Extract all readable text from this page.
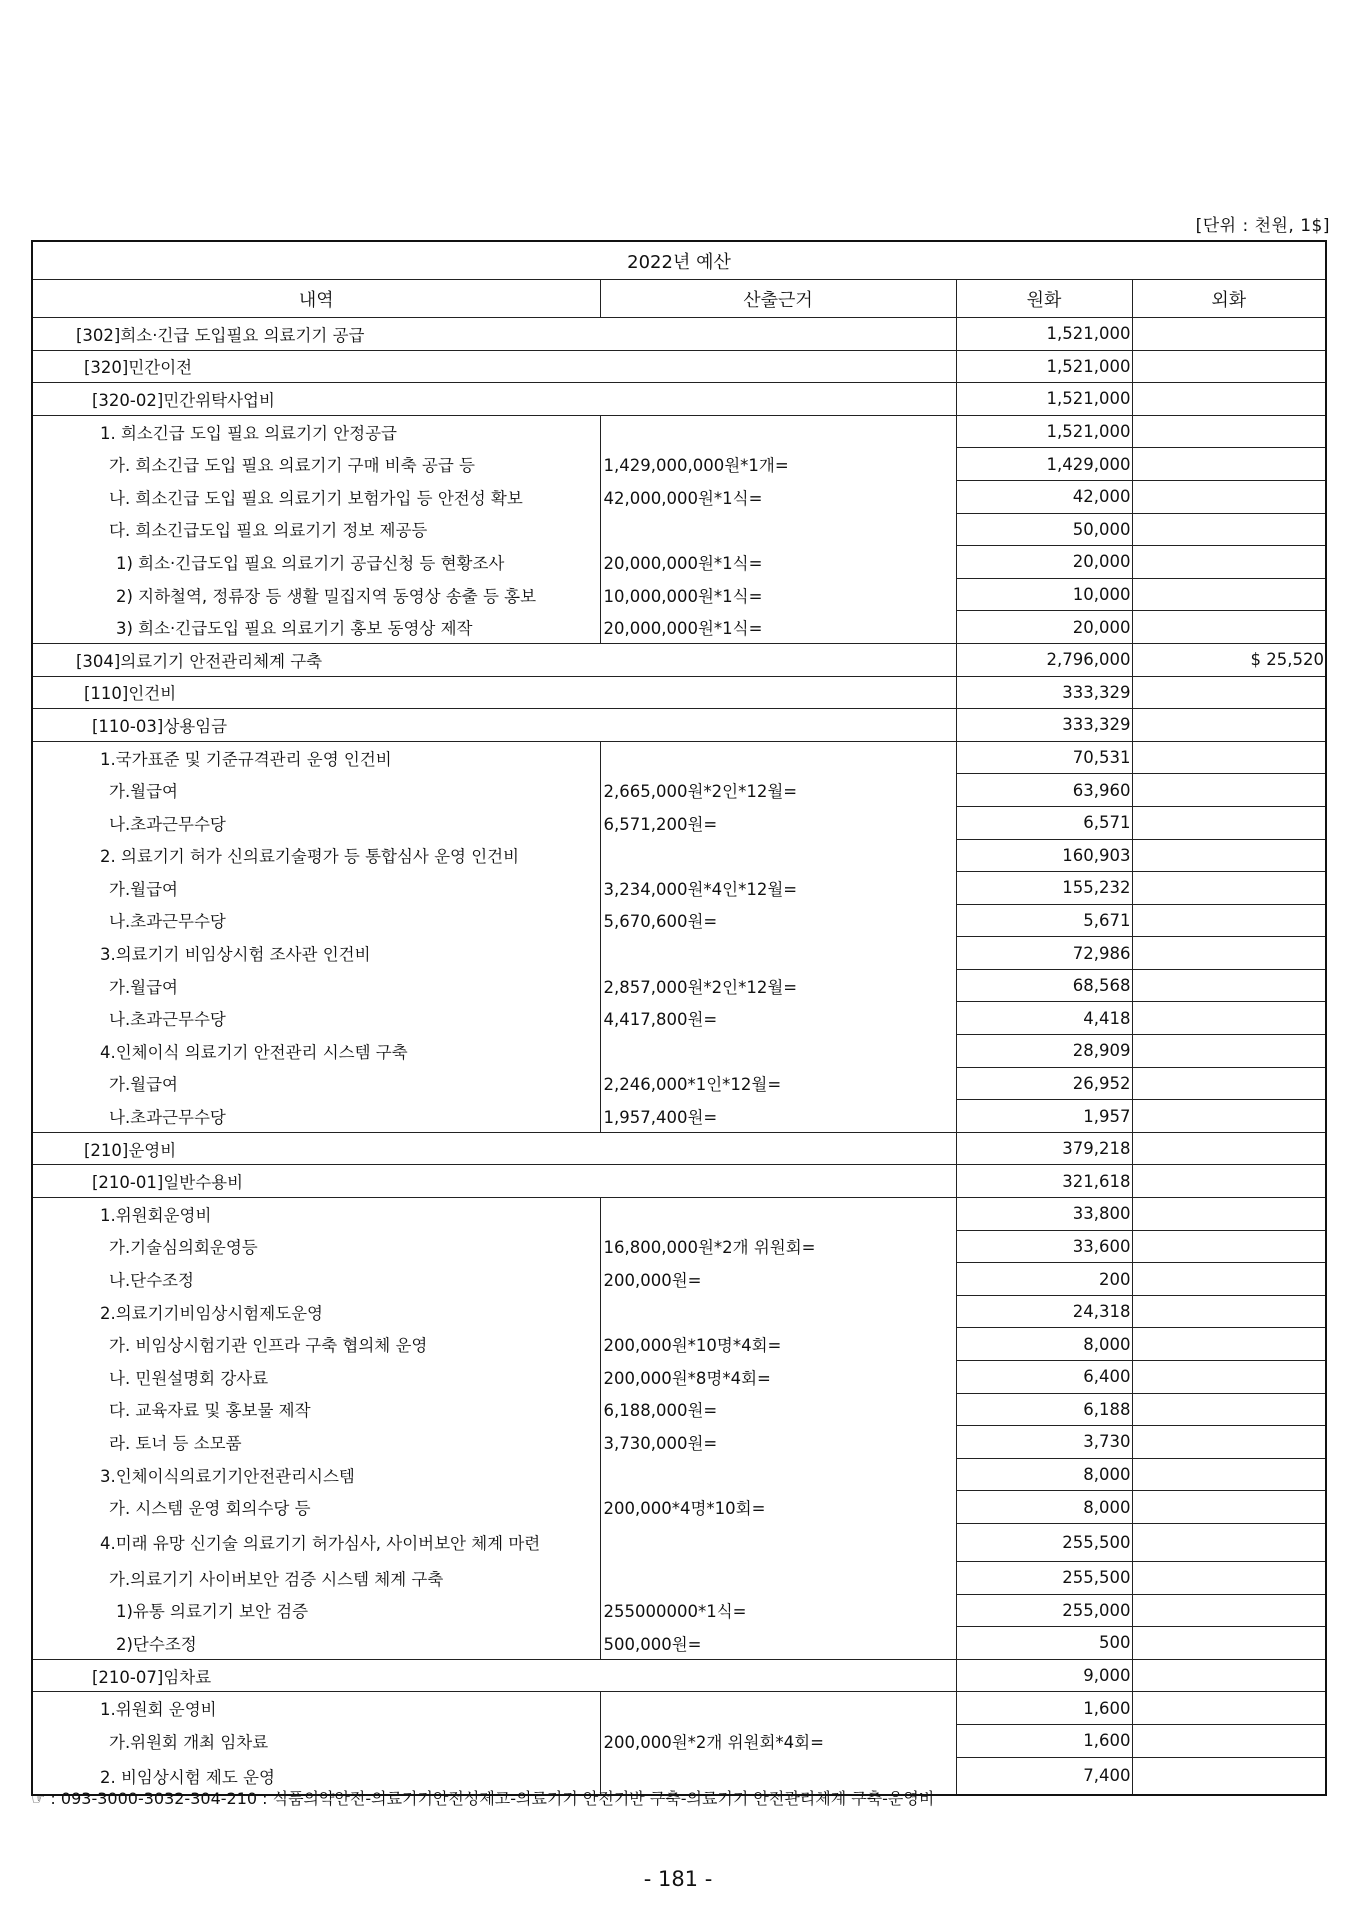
[단위 : 천원, 1$]
2022년 예산			
내역	산출근거	원화	외화
[302]희소·긴급 도입필요 의료기기 공급		1,521,000	
[320]민간이전		1,521,000	
[320-02]민간위탁사업비		1,521,000	
1. 희소긴급 도입 필요 의료기기 안정공급		1,521,000	
가. 희소긴급 도입 필요 의료기기 구매 비축 공급 등	1,429,000,000원*1개=	1,429,000	
나. 희소긴급 도입 필요 의료기기 보험가입 등 안전성 확보	42,000,000원*1식=	42,000	
다. 희소긴급도입 필요 의료기기 정보 제공등		50,000	
1) 희소·긴급도입 필요 의료기기 공급신청 등 현황조사	20,000,000원*1식=	20,000	
2) 지하철역, 정류장 등 생활 밀집지역 동영상 송출 등 홍보	10,000,000원*1식=	10,000	
3) 희소·긴급도입 필요 의료기기 홍보 동영상 제작	20,000,000원*1식=	20,000	
[304]의료기기 안전관리체계 구축		2,796,000	$ 25,520
[110]인건비		333,329	
[110-03]상용임금		333,329	
1.국가표준 및 기준규격관리 운영 인건비		70,531	
가.월급여	2,665,000원*2인*12월=	63,960	
나.초과근무수당	6,571,200원=	6,571	
2. 의료기기 허가 신의료기술평가 등 통합심사 운영 인건비		160,903	
가.월급여	3,234,000원*4인*12월=	155,232	
나.초과근무수당	5,670,600원=	5,671	
3.의료기기 비임상시험 조사관 인건비		72,986	
가.월급여	2,857,000원*2인*12월=	68,568	
나.초과근무수당	4,417,800원=	4,418	
4.인체이식 의료기기 안전관리 시스템 구축		28,909	
가.월급여	2,246,000*1인*12월=	26,952	
나.초과근무수당	1,957,400원=	1,957	
[210]운영비		379,218	
[210-01]일반수용비		321,618	
1.위원회운영비		33,800	
가.기술심의회운영등	16,800,000원*2개 위원회=	33,600	
나.단수조정	200,000원=	200	
2.의료기기비임상시험제도운영		24,318	
가. 비임상시험기관 인프라 구축 협의체 운영	200,000원*10명*4회=	8,000	
나. 민원설명회 강사료	200,000원*8명*4회=	6,400	
다. 교육자료 및 홍보물 제작	6,188,000원=	6,188	
라. 토너 등 소모품	3,730,000원=	3,730	
3.인체이식의료기기안전관리시스템		8,000	
가. 시스템 운영 회의수당 등	200,000*4명*10회=	8,000	
4.미래 유망 신기술 의료기기 허가심사, 사이버보안 체계 마련		255,500	
가.의료기기 사이버보안 검증 시스템 체계 구축		255,500	
1)유통 의료기기 보안 검증	255000000*1식=	255,000	
2)단수조정	500,000원=	500	
[210-07]임차료		9,000	
1.위원회 운영비		1,600	
가.위원회 개최 임차료	200,000원*2개 위원회*4회=	1,600	
2. 비임상시험 제도 운영		7,400	
☞ : 093-3000-3032-304-210 : 식품의약안전-의료기기안전성제고-의료기기 안전기반 구축-의료기기 안전관리체계 구축-운영비
- 181 -
